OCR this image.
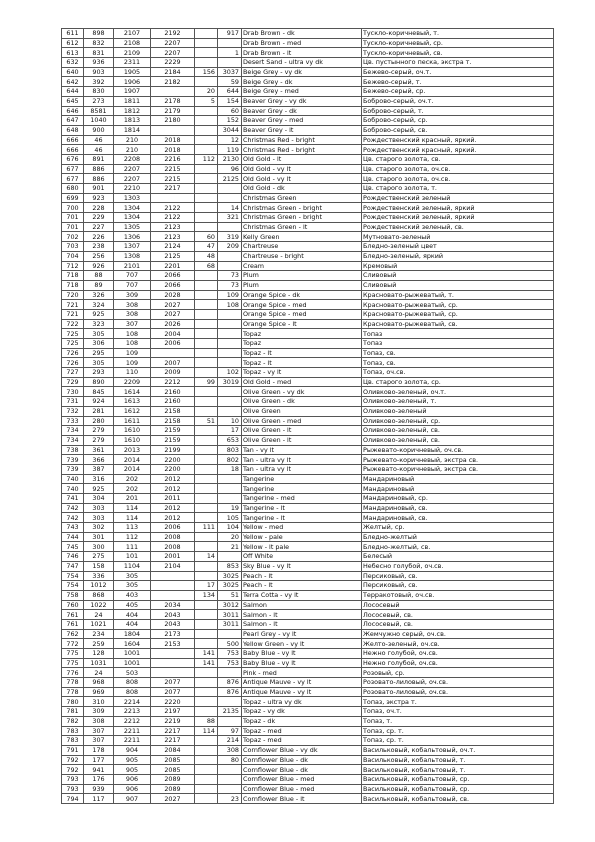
611	898	2107	2192		917	Drab Brown - dk	Тускло-коричневый, т.
612	832	2108	2207			Drab Brown - med	Тускло-коричневый, ср.
613	831	2109	2207		1	Drab Brown - lt	Тускло-коричневый, св.
632	936	2311	2229			Desert Sand - ultra vy dk	Цв. пустынного песка, экстра т.
640	903	1905	2184	156	3037	Beige Grey - vy dk	Бежево-серый, оч.т.
642	392	1906	2182		59	Beige Grey - dk	Бежево-серый, т.
644	830	1907		20	644	Beige Grey - med	Бежево-серый, ср.
645	273	1811	2178	5	154	Beaver Grey - vy dk	Боброво-серый, оч.т.
646	8581	1812	2179		60	Beaver Grey - dk	Боброво-серый, т.
647	1040	1813	2180		152	Beaver Grey - med	Боброво-серый, ср.
648	900	1814			3044	Beaver Grey - lt	Боброво-серый, св.
666	46	210	2018		12	Christmas Red - bright	Рождественский красный, яркий.
666	46	210	2018		119	Christmas Red - bright	Рождественский красный, яркий.
676	891	2208	2216	112	2130	Old Gold - lt	Цв. старого золота, св.
677	886	2207	2215		96	Old Gold - vy lt	Цв. старого золота, оч.св.
677	886	2207	2215		2125	Old Gold - vy lt	Цв. старого золота, оч.св.
680	901	2210	2217			Old Gold - dk	Цв. старого золота, т.
699	923	1303				Christmas Green	Рождественский зеленый
700	228	1304	2122		14	Christmas Green - bright	Рождественский зеленый, яркий
701	229	1304	2122		321	Christmas Green - bright	Рождественский зеленый, яркий
701	227	1305	2123			Christmas Green - lt	Рождественский зеленый, св.
702	226	1306	2123	60	319	Kelly Green	Мутновато-зеленый
703	238	1307	2124	47	209	Chartreuse	Бледно-зеленый цвет
704	256	1308	2125	48		Chartreuse - bright	Бледно-зеленый, яркий
712	926	2101	2201	68		Cream	Кремовый
718	88	707	2066		73	Plum	Сливовый
718	89	707	2066		73	Plum	Сливовый
720	326	309	2028		109	Orange Spice - dk	Красновато-рыжеватый, т.
721	324	308	2027		108	Orange Spice - med	Красновато-рыжеватый, ср.
721	925	308	2027			Orange Spice - med	Красновато-рыжеватый, ср.
722	323	307	2026			Orange Spice - lt	Красновато-рыжеватый, св.
725	305	108	2004			Topaz	Топаз
725	306	108	2006			Topaz	Топаз
726	295	109				Topaz - lt	Топаз, св.
726	305	109	2007			Topaz - lt	Топаз, св.
727	293	110	2009		102	Topaz - vy lt	Топаз, оч.св.
729	890	2209	2212	99	3019	Old Gold - med	Цв. старого золота, ср.
730	845	1614	2160			Olive Green - vy dk	Оливково-зеленый, оч.т.
731	924	1613	2160			Olive Green - dk	Оливково-зеленый, т.
732	281	1612	2158			Olive Green	Оливково-зеленый
733	280	1611	2158	51	10	Olive Green - med	Оливково-зеленый, ср.
734	279	1610	2159		17	Olive Green - lt	Оливково-зеленый, св.
734	279	1610	2159		653	Olive Green - lt	Оливково-зеленый, св.
738	361	2013	2199		803	Tan - vy lt	Рыжевато-коричневый, оч.св.
739	366	2014	2200		802	Tan - ultra vy lt	Рыжевато-коричневый, экстра св.
739	387	2014	2200		18	Tan - ultra vy lt	Рыжевато-коричневый, экстра св.
740	316	202	2012			Tangerine	Мандариновый
740	925	202	2012			Tangerine	Мандариновый
741	304	201	2011			Tangerine - med	Мандариновый, ср.
742	303	114	2012		19	Tangerine - lt	Мандариновый, св.
742	303	114	2012		105	Tangerine - lt	Мандариновый, св.
743	302	113	2006	111	104	Yellow - med	Желтый, ср.
744	301	112	2008		20	Yellow - pale	Бледно-желтый
745	300	111	2008		21	Yellow - lt pale	Бледно-желтый, св.
746	275	101	2001	14		Off White	Белесый
747	158	1104	2104		853	Sky Blue - vy lt	Небесно голубой, оч.св.
754	336	305			3025	Peach - lt	Персиковый, св.
754	1012	305		17	3025	Peach - lt	Персиковый, св.
758	868	403		134	51	Terra Cotta - vy lt	Терракотовый, оч.св.
760	1022	405	2034		3012	Salmon	Лососевый
761	24	404	2043		3011	Salmon - lt	Лососевый, св.
761	1021	404	2043		3011	Salmon - lt	Лососевый, св.
762	234	1804	2173			Pearl Grey - vy lt	Жемчужно серый, оч.св.
772	259	1604	2153		500	Yellow Green - vy lt	Желто-зеленый, оч.св.
775	128	1001		141	753	Baby Blue - vy lt	Нежно голубой, оч.св.
775	1031	1001		141	753	Baby Blue - vy lt	Нежно голубой, оч.св.
776	24	503				Pink - med	Розовый, ср.
778	968	808	2077		876	Antique Mauve - vy lt	Розовато-лиловый, оч.св.
778	969	808	2077		876	Antique Mauve - vy lt	Розовато-лиловый, оч.св.
780	310	2214	2220			Topaz - ultra vy dk	Топаз, экстра т.
781	309	2213	2197		2135	Topaz - vy dk	Топаз, оч.т.
782	308	2212	2219	88		Topaz - dk	Топаз, т.
783	307	2211	2217	114	97	Topaz - med	Топаз, ср. т.
783	307	2211	2217		214	Topaz - med	Топаз, ср. т.
791	178	904	2084		308	Cornflower Blue - vy dk	Васильковый, кобальтовый, оч.т.
792	177	905	2085		80	Cornflower Blue - dk	Васильковый, кобальтовый, т.
792	941	905	2085			Cornflower Blue - dk	Васильковый, кобальтовый, т.
793	176	906	2089			Cornflower Blue - med	Васильковый, кобальтовый, ср.
793	939	906	2089			Cornflower Blue - med	Васильковый, кобальтовый, ср.
794	117	907	2027		23	Cornflower Blue - lt	Васильковый, кобальтовый, св.
